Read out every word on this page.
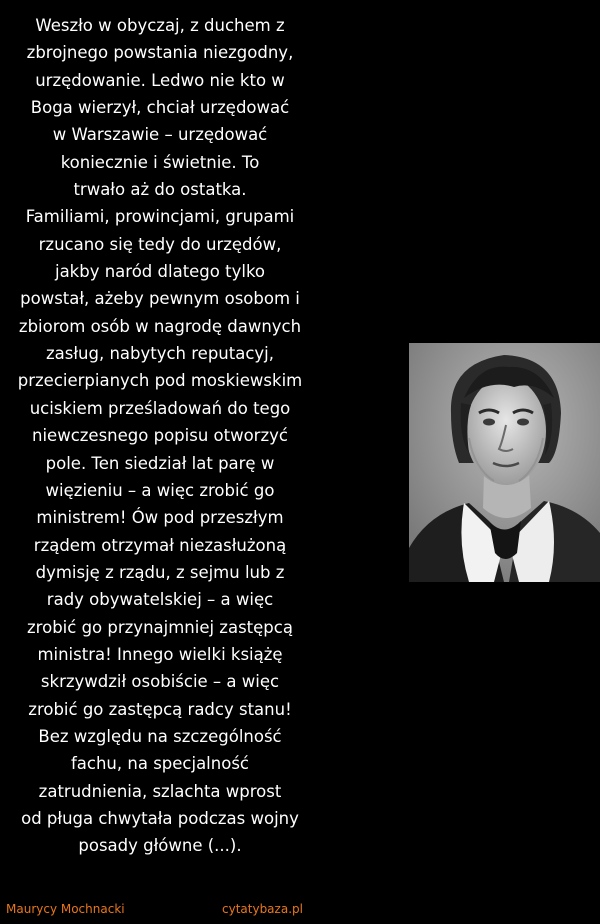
Weszło w obyczaj, z duchem z
zbrojnego powstania niezgodny,
urzędowanie. Ledwo nie kto w
Boga wierzył, chciał urzędować
w Warszawie – urzędować
koniecznie i świetnie. To
trwało aż do ostatka.
Familiami, prowincjami, grupami
rzucano się tedy do urzędów,
jakby naród dlatego tylko
powstał, ażeby pewnym osobom i
zbiorom osób w nagrodę dawnych
zasług, nabytych reputacyj,
przecierpianych pod moskiewskim
uciskiem prześladowań do tego
niewczesnego popisu otworzyć
pole. Ten siedział lat parę w
więzieniu – a więc zrobić go
ministrem! Ów pod przeszłym
rządem otrzymał niezasłużoną
dymisję z rządu, z sejmu lub z
rady obywatelskiej – a więc
zrobić go przynajmniej zastępcą
ministra! Innego wielki książę
skrzywdził osobiście – a więc
zrobić go zastępcą radcy stanu!
Bez względu na szczególność
fachu, na specjalność
zatrudnienia, szlachta wprost
od pługa chwytała podczas wojny
posady główne (...).
Maurycy Mochnacki	cytatybaza.pl
